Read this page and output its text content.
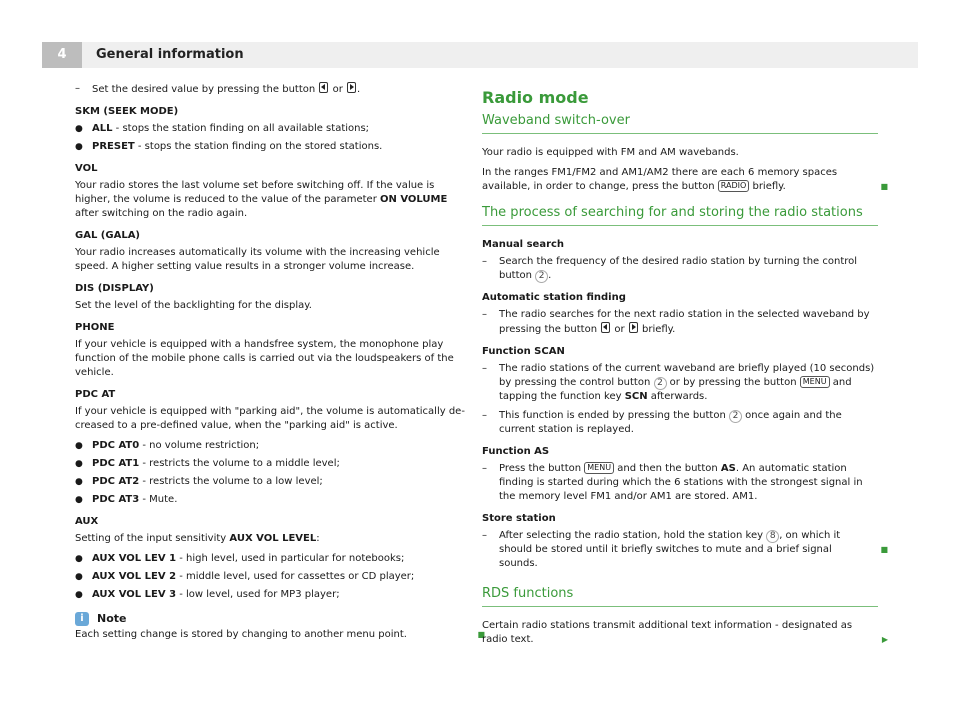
4	General information
– Set the desired value by pressing the button or .
SKM (SEEK MODE)
● ALL - stops the station finding on all available stations;
● PRESET - stops the station finding on the stored stations.
VOL

Your radio stores the last volume set before switching off. If the value is higher, the volume is reduced to the value of the parameter ON VOLUME after switching on the radio again.

GAL (GALA)

Your radio increases automatically its volume with the increasing vehicle speed. A higher setting value results in a stronger volume increase.

DIS (DISPLAY)

Set the level of the backlighting for the display.

PHONE

If your vehicle is equipped with a handsfree system, the monophone play function of the mobile phone calls is carried out via the loudspeakers of the vehicle.

PDC AT

If your vehicle is equipped with "parking aid", the volume is automatically de-creased to a pre-defined value, when the "parking aid" is active.

● PDC AT0 - no volume restriction;
● PDC AT1 - restricts the volume to a middle level;
● PDC AT2 - restricts the volume to a low level;
● PDC AT3 - Mute.
AUX

Setting of the input sensitivity AUX VOL LEVEL:

● AUX VOL LEV 1 - high level, used in particular for notebooks;
● AUX VOL LEV 2 - middle level, used for cassettes or CD player;
● AUX VOL LEV 3 - low level, used for MP3 player;
i	Note

Each setting change is stored by changing to another menu point.	■
Radio mode
Waveband switch-over

Your radio is equipped with FM and AM wavebands.

In the ranges FM1/FM2 and AM1/AM2 there are each 6 memory spaces available, in order to change, press the button RADIO briefly.	■
The process of searching for and storing the radio stations
Manual search
– Search the frequency of the desired radio station by turning the control button 2 .
Automatic station finding
– The radio searches for the next radio station in the selected waveband by pressing the button  or  briefly.
Function SCAN
– The radio stations of the current waveband are briefly played (10 seconds) by pressing the control button 2 or by pressing the button MENU and tapping the function key SCN afterwards.
– This function is ended by pressing the button 2 once again and the current station is replayed.
Function AS
– Press the button MENU and then the button AS. An automatic station finding is started during which the 6 stations with the strongest signal in the memory level FM1 and/or AM1 are stored. AM1.
Store station
– After selecting the radio station, hold the station key 8 , on which it should be stored until it briefly switches to mute and a brief signal sounds.
■
RDS functions

Certain radio stations transmit additional text information - designated as radio text.	▶
